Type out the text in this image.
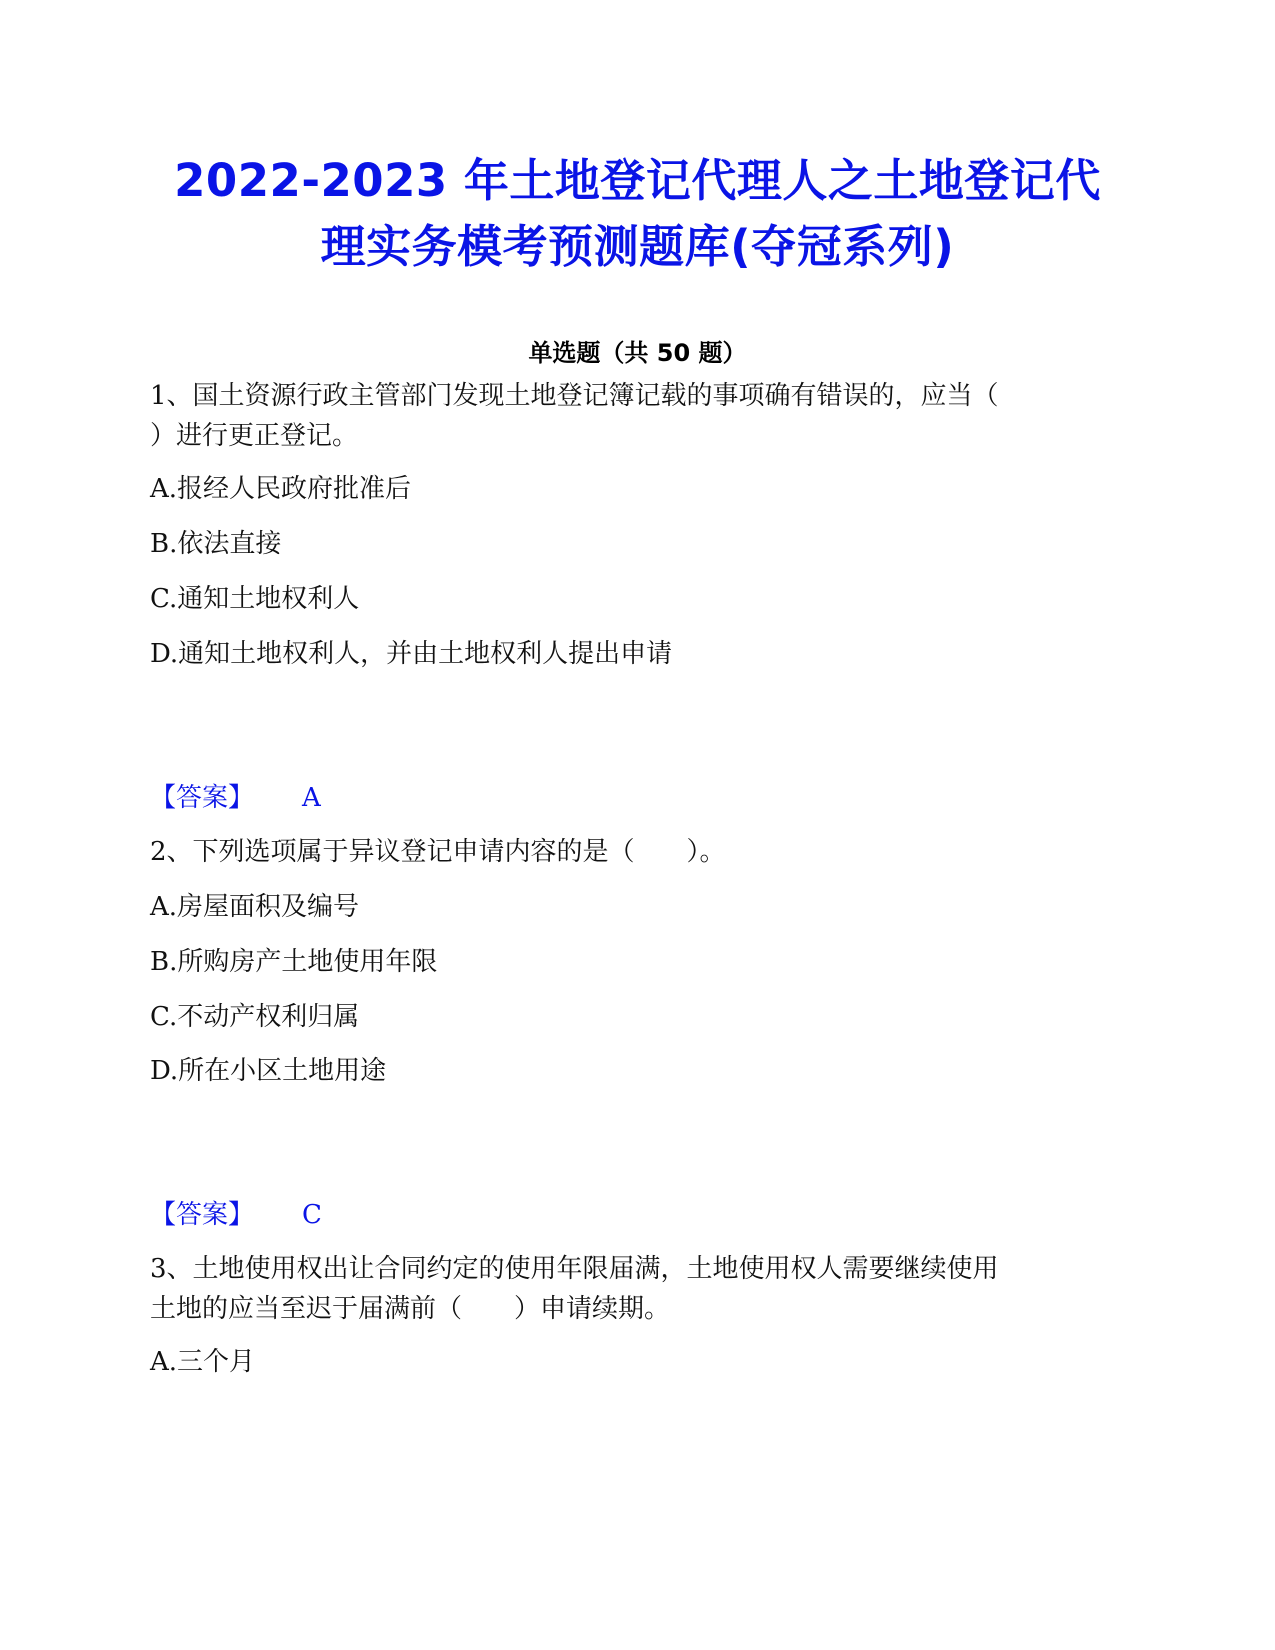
2022-2023 年土地登记代理人之土地登记代
理实务模考预测题库(夺冠系列)
单选题（共 50 题）
1、国土资源行政主管部门发现土地登记簿记载的事项确有错误的，应当（
）进行更正登记。
A.报经人民政府批准后
B.依法直接
C.通知土地权利人
D.通知土地权利人，并由土地权利人提出申请
【答案】 A
2、下列选项属于异议登记申请内容的是（　　）。
A.房屋面积及编号
B.所购房产土地使用年限
C.不动产权利归属
D.所在小区土地用途
【答案】 C
3、土地使用权出让合同约定的使用年限届满，土地使用权人需要继续使用
土地的应当至迟于届满前（　　）申请续期。
A.三个月
